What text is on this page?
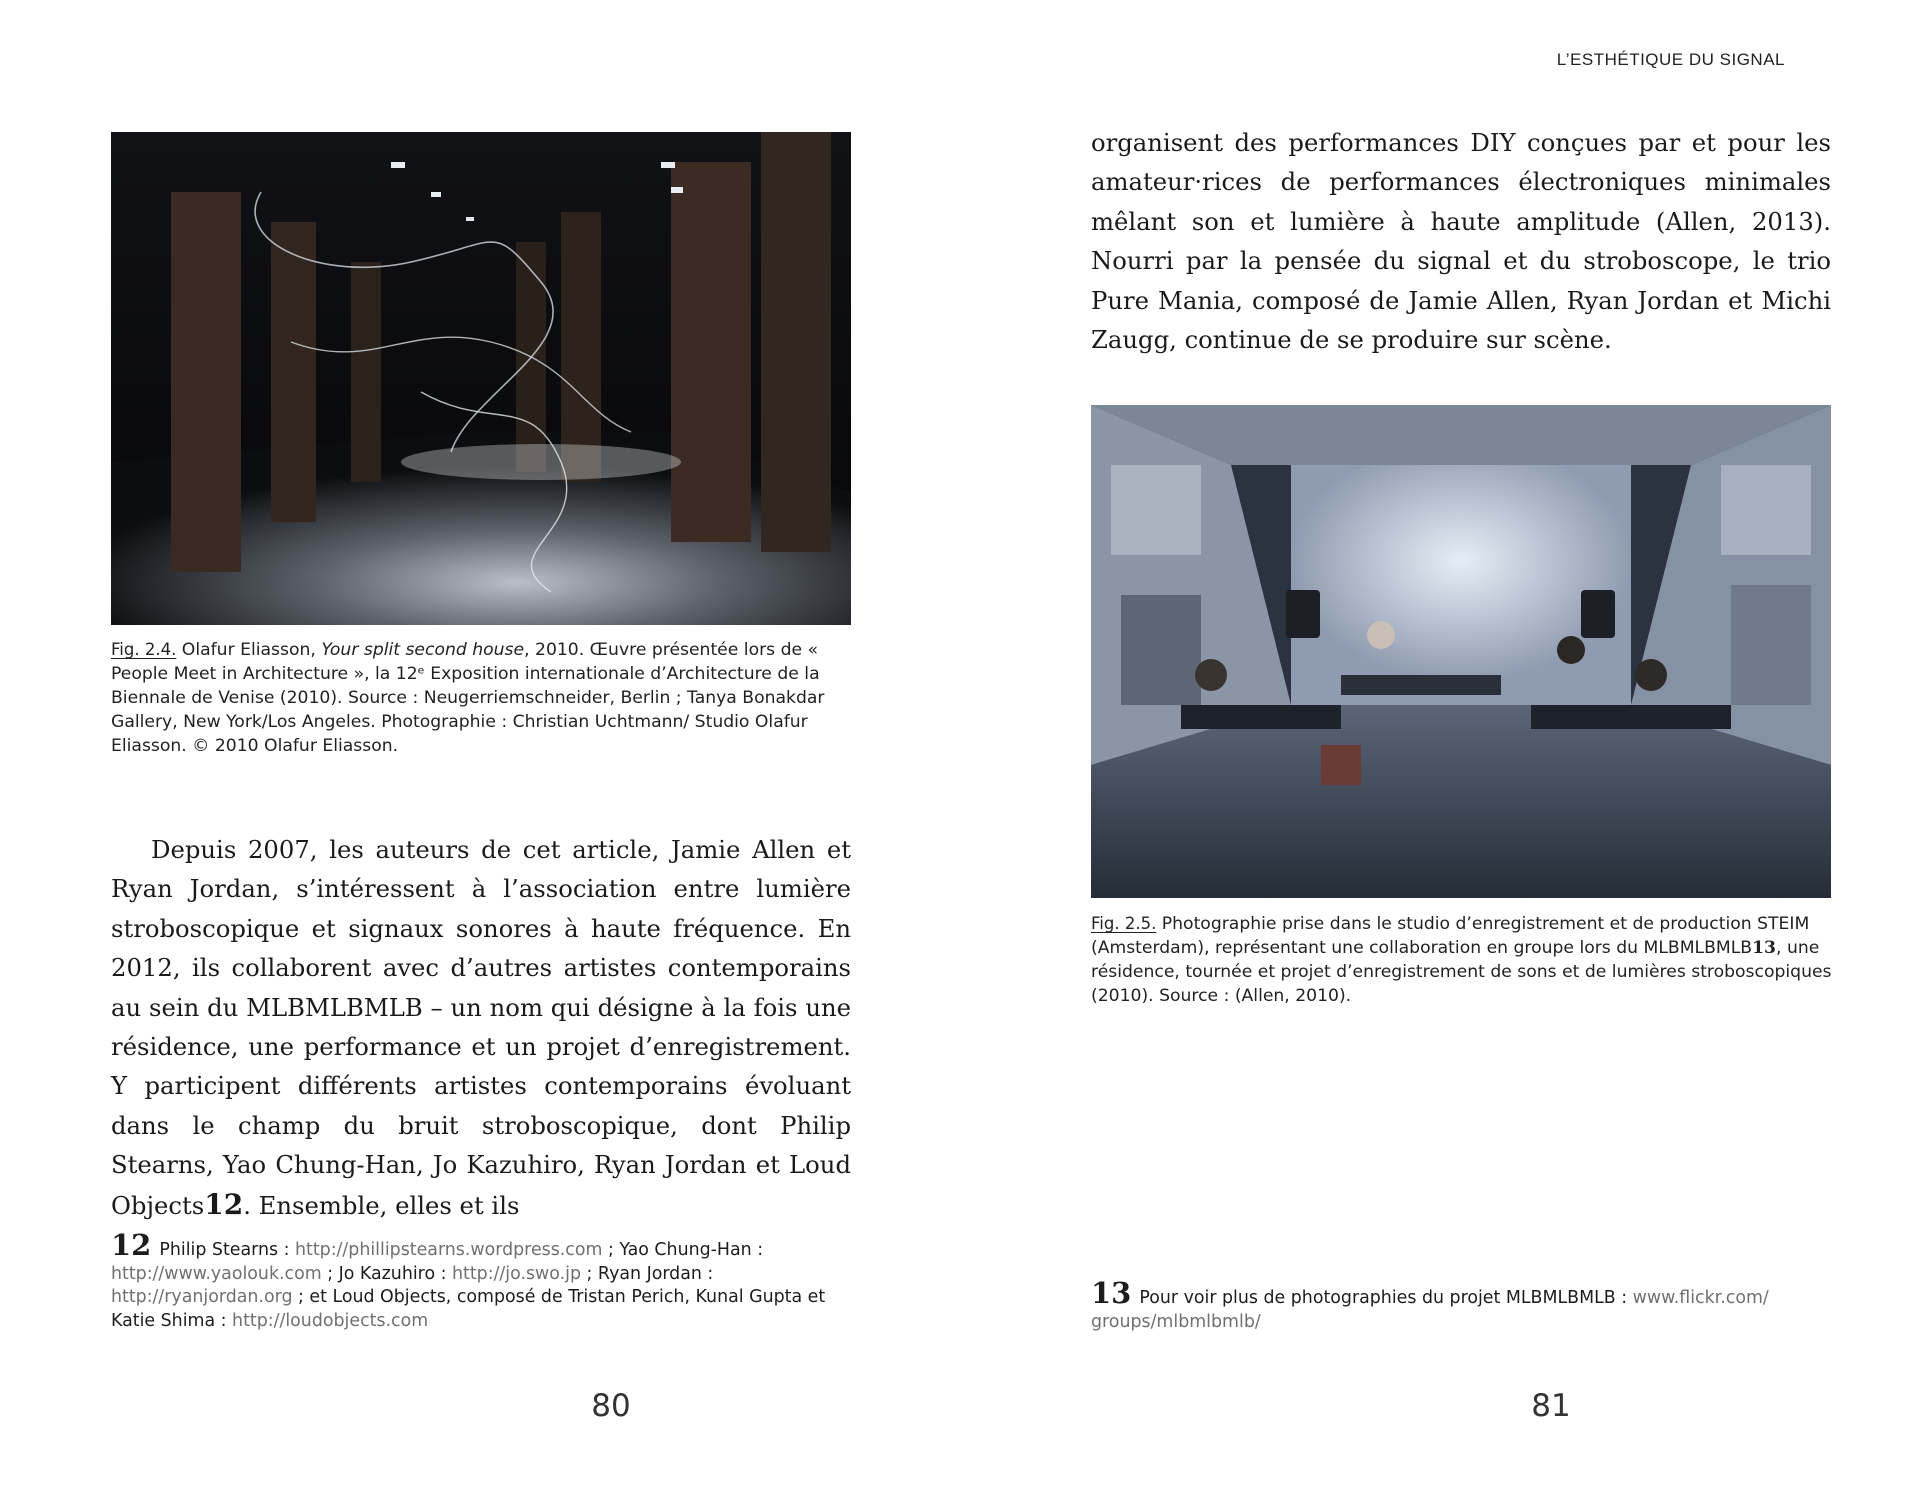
Fig. 2.4. Olafur Eliasson, Your split second house, 2010. Œuvre présentée lors de « People Meet in Architecture », la 12ᵉ Exposition internationale d’Architecture de la Biennale de Venise (2010). Source : Neugerriemschneider, Berlin ; Tanya Bonakdar Gallery, New York/Los Angeles. Photographie : Christian Uchtmann/ Studio Olafur Eliasson. © 2010 Olafur Eliasson.

Depuis 2007, les auteurs de cet article, Jamie Allen et Ryan Jordan, s’intéressent à l’association entre lumière stroboscopique et signaux sonores à haute fréquence. En 2012, ils collaborent avec d’autres artistes contemporains au sein du MLBMLBMLB – un nom qui désigne à la fois une résidence, une performance et un projet d’enregistrement. Y participent différents artistes contemporains évoluant dans le champ du bruit stroboscopique, dont Philip Stearns, Yao Chung-Han, Jo Kazuhiro, Ryan Jordan et Loud Objects12. Ensemble, elles et ils

12 Philip Stearns : http://phillipstearns.wordpress.com ; Yao Chung-Han : http://www.yaolouk.com ; Jo Kazuhiro : http://jo.swo.jp ; Ryan Jordan : http://ryanjordan.org ; et Loud Objects, composé de Tristan Perich, Kunal Gupta et Katie Shima : http://loudobjects.com

80
L’ESTHÉTIQUE DU SIGNAL

organisent des performances DIY conçues par et pour les amateur·rices de performances électroniques minimales mêlant son et lumière à haute amplitude (Allen, 2013). Nourri par la pensée du signal et du stroboscope, le trio Pure Mania, composé de Jamie Allen, Ryan Jordan et Michi Zaugg, continue de se produire sur scène.

Fig. 2.5. Photographie prise dans le studio d’enregistrement et de production STEIM (Amsterdam), représentant une collaboration en groupe lors du MLBMLBMLB13, une résidence, tournée et projet d’enregistrement de sons et de lumières stroboscopiques (2010). Source : (Allen, 2010).

13 Pour voir plus de photographies du projet MLBMLBMLB : www.flickr.com/ groups/mlbmlbmlb/

81
